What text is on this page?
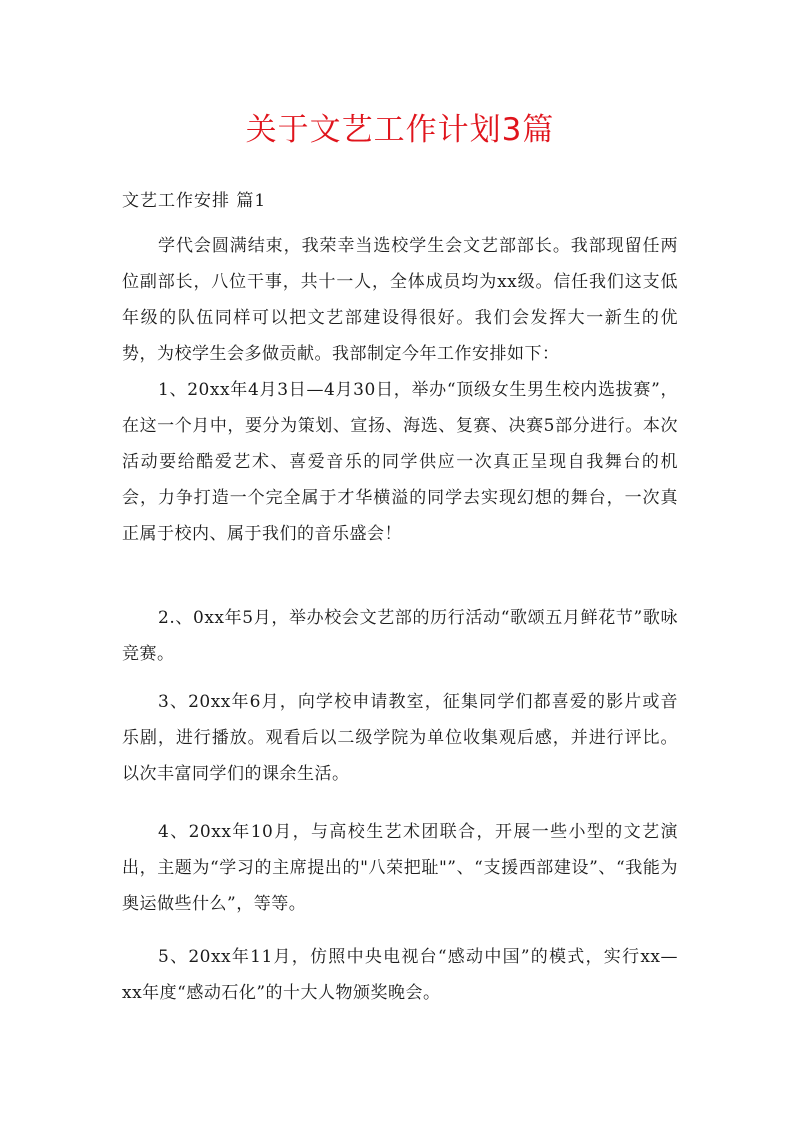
关于文艺工作计划3篇
文艺工作安排 篇1

学代会圆满结束，我荣幸当选校学生会文艺部部长。我部现留任两位副部长，八位干事，共十一人，全体成员均为xx级。信任我们这支低年级的队伍同样可以把文艺部建设得很好。我们会发挥大一新生的优势，为校学生会多做贡献。我部制定今年工作安排如下：

1、20xx年4月3日—4月30日，举办“顶级女生男生校内选拔赛”，在这一个月中，要分为策划、宣扬、海选、复赛、决赛5部分进行。本次活动要给酷爱艺术、喜爱音乐的同学供应一次真正呈现自我舞台的机会，力争打造一个完全属于才华横溢的同学去实现幻想的舞台，一次真正属于校内、属于我们的音乐盛会！

2.、0xx年5月，举办校会文艺部的历行活动“歌颂五月鲜花节”歌咏竞赛。

3、20xx年6月，向学校申请教室，征集同学们都喜爱的影片或音乐剧，进行播放。观看后以二级学院为单位收集观后感，并进行评比。以次丰富同学们的课余生活。

4、20xx年10月，与高校生艺术团联合，开展一些小型的文艺演出，主题为“学习的主席提出的"八荣把耻"”、“支援西部建设”、“我能为奥运做些什么”，等等。

5、20xx年11月，仿照中央电视台“感动中国”的模式，实行xx—xx年度“感动石化”的十大人物颁奖晚会。
